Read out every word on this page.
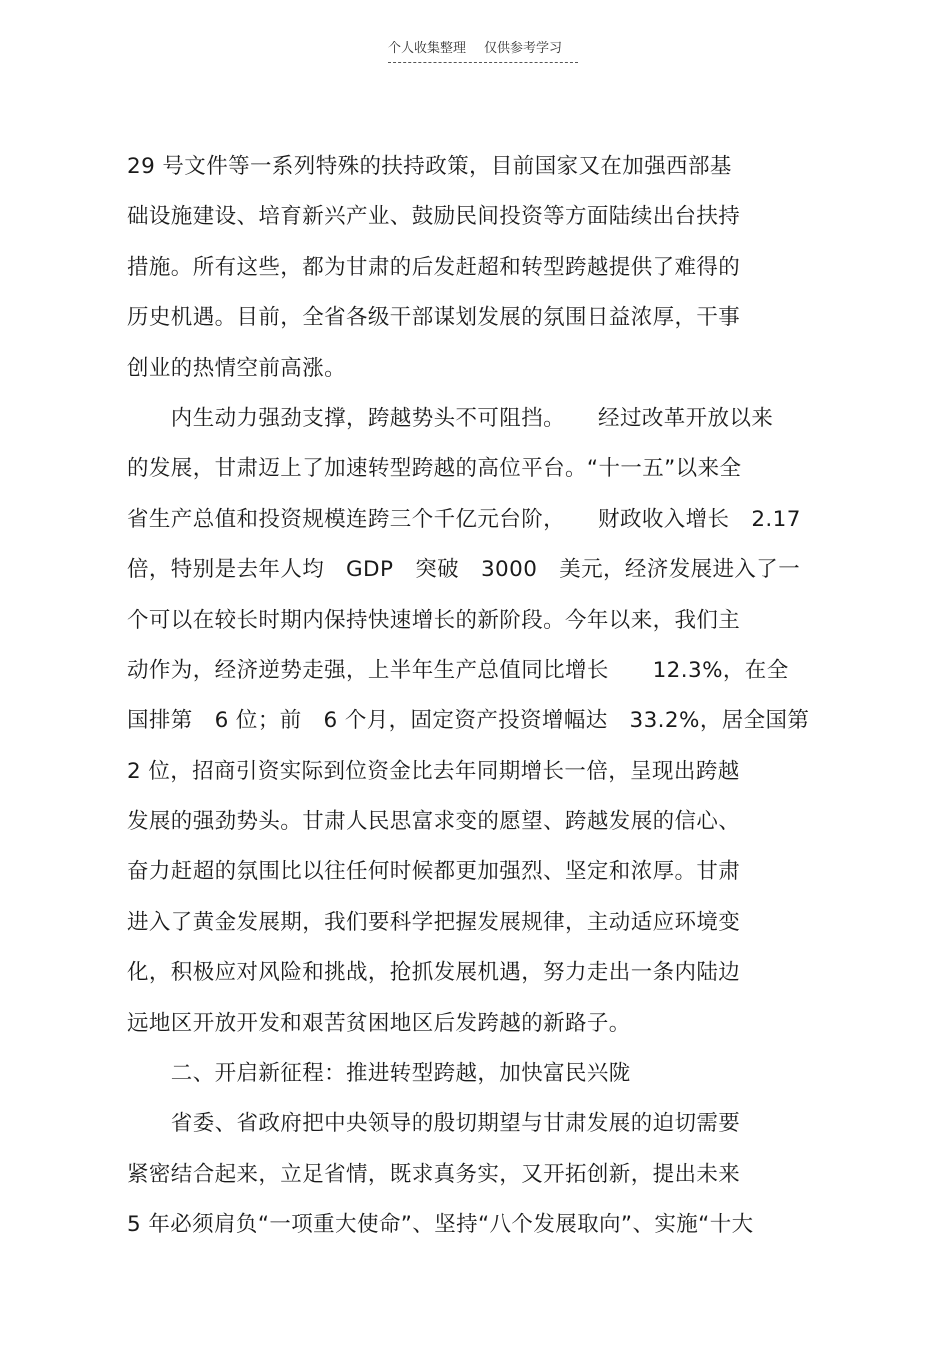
个人收集整理 仅供参考学习
29 号文件等一系列特殊的扶持政策，目前国家又在加强西部基
础设施建设、培育新兴产业、鼓励民间投资等方面陆续出台扶持
措施。所有这些，都为甘肃的后发赶超和转型跨越提供了难得的
历史机遇。目前，全省各级干部谋划发展的氛围日益浓厚，干事
创业的热情空前高涨。
　　内生动力强劲支撑，跨越势头不可阻挡。　　经过改革开放以来
的发展，甘肃迈上了加速转型跨越的高位平台。“十一五”以来全
省生产总值和投资规模连跨三个千亿元台阶，　　财政收入增长　2.17
倍，特别是去年人均　GDP　突破　3000　美元，经济发展进入了一
个可以在较长时期内保持快速增长的新阶段。今年以来，我们主
动作为，经济逆势走强，上半年生产总值同比增长　　12.3%，在全
国排第　6 位；前　6 个月，固定资产投资增幅达　33.2%，居全国第
2 位，招商引资实际到位资金比去年同期增长一倍，呈现出跨越
发展的强劲势头。甘肃人民思富求变的愿望、跨越发展的信心、
奋力赶超的氛围比以往任何时候都更加强烈、坚定和浓厚。甘肃
进入了黄金发展期，我们要科学把握发展规律，主动适应环境变
化，积极应对风险和挑战，抢抓发展机遇，努力走出一条内陆边
远地区开放开发和艰苦贫困地区后发跨越的新路子。
　　二、开启新征程：推进转型跨越，加快富民兴陇
　　省委、省政府把中央领导的殷切期望与甘肃发展的迫切需要
紧密结合起来，立足省情，既求真务实，又开拓创新，提出未来
5 年必须肩负“一项重大使命”、坚持“八个发展取向”、实施“十大
